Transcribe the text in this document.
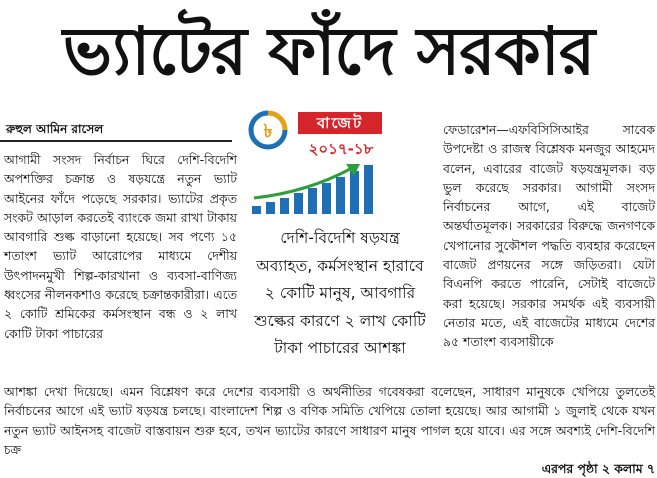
ভ্যাটের ফাঁদে সরকার
রুহুল আমিন রাসেল

আগামী সংসদ নির্বাচন ঘিরে দেশি-বিদেশি অপশক্তির চক্রান্ত ও ষড়যন্ত্রে নতুন ভ্যাট আইনের ফাঁদে পড়েছে সরকার। ভ্যাটের প্রকৃত সংকট আড়াল করতেই ব্যাংকে জমা রাখা টাকায় আবগারি শুল্ক বাড়ানো হয়েছে। সব পণ্যে ১৫ শতাংশ ভ্যাট আরোপের মাধ্যমে দেশীয় উৎপাদনমুখী শিল্প-কারখানা ও ব্যবসা-বাণিজ্য ধ্বংসের নীলনকশাও করেছে চক্রান্তকারীরা। এতে ২ কোটি শ্রমিকের কর্মসংস্থান বন্ধ ও ২ লাখ কোটি টাকা পাচারের

৳	বাজেট
২০১৭-১৮
দেশি-বিদেশি ষড়যন্ত্র
অব্যাহত, কর্মসংস্থান হারাবে
২ কোটি মানুষ, আবগারি
শুল্কের কারণে ২ লাখ কোটি
টাকা পাচারের আশঙ্কা

ফেডারেশন—এফবিসিসিআইর সাবেক উপদেষ্টা ও রাজস্ব বিশ্লেষক মনজুর আহমেদ বলেন, এবারের বাজেট ষড়যন্ত্রমূলক। বড় ভুল করেছে সরকার। আগামী সংসদ নির্বাচনের আগে, এই বাজেট অন্তর্ঘাতমূলক। সরকারের বিরুদ্ধে জনগণকে খেপানোর সুকৌশল পদ্ধতি ব্যবহার করেছেন বাজেট প্রণয়নের সঙ্গে জড়িতরা। যেটা বিএনপি করতে পারেনি, সেটাই বাজেটে করা হয়েছে। সরকার সমর্থক এই ব্যবসায়ী নেতার মতে, এই বাজেটের মাধ্যমে দেশের ৯৫ শতাংশ ব্যবসায়ীকে

আশঙ্কা দেখা দিয়েছে। এমন বিশ্লেষণ করে দেশের ব্যবসায়ী ও অর্থনীতির গবেষকরা বলেছেন, সাধারণ মানুষকে খেপিয়ে তুলতেই নির্বাচনের আগে এই ভ্যাট ষড়যন্ত্র চলছে। বাংলাদেশ শিল্প ও বণিক সমিতি খেপিয়ে তোলা হয়েছে। আর আগামী ১ জুলাই থেকে যখন নতুন ভ্যাট আইনসহ বাজেট বাস্তবায়ন শুরু হবে, তখন ভ্যাটের কারণে সাধারণ মানুষ পাগল হয়ে যাবে। এর সঙ্গে অবশ্যই দেশি-বিদেশি চক্র

এরপর পৃষ্ঠা ২ কলাম ৭
